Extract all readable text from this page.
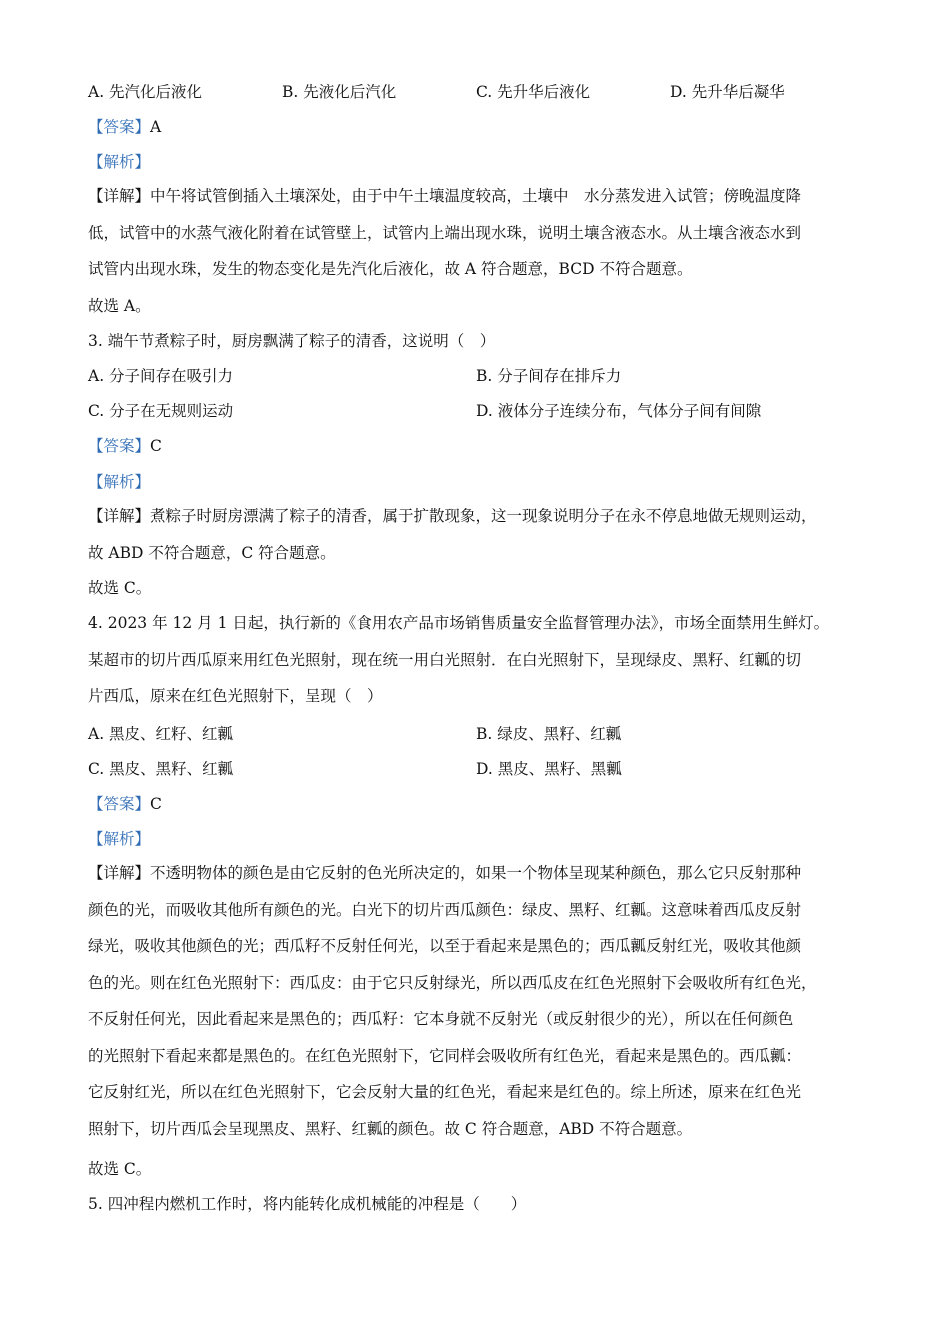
A. 先汽化后液化	B. 先液化后汽化	C. 先升华后液化	D. 先升华后凝华
【答案】A
【解析】
【详解】中午将试管倒插入土壤深处，由于中午土壤温度较高，土壤中　水分蒸发进入试管；傍晚温度降
低，试管中的水蒸气液化附着在试管壁上，试管内上端出现水珠，说明土壤含液态水。从土壤含液态水到
试管内出现水珠，发生的物态变化是先汽化后液化，故 A 符合题意，BCD 不符合题意。
故选 A。
3. 端午节煮粽子时，厨房飘满了粽子的清香，这说明（　）
A. 分子间存在吸引力	B. 分子间存在排斥力
C. 分子在无规则运动	D. 液体分子连续分布，气体分子间有间隙
【答案】C
【解析】
【详解】煮粽子时厨房漂满了粽子的清香，属于扩散现象，这一现象说明分子在永不停息地做无规则运动，
故 ABD 不符合题意，C 符合题意。
故选 C。
4. 2023 年 12 月 1 日起，执行新的《食用农产品市场销售质量安全监督管理办法》，市场全面禁用生鲜灯。
某超市的切片西瓜原来用红色光照射，现在统一用白光照射．在白光照射下，呈现绿皮、黑籽、红瓤的切
片西瓜，原来在红色光照射下，呈现（　）
A. 黑皮、红籽、红瓤	B. 绿皮、黑籽、红瓤
C. 黑皮、黑籽、红瓤	D. 黑皮、黑籽、黑瓤
【答案】C
【解析】
【详解】不透明物体的颜色是由它反射的色光所决定的，如果一个物体呈现某种颜色，那么它只反射那种
颜色的光，而吸收其他所有颜色的光。白光下的切片西瓜颜色：绿皮、黑籽、红瓤。这意味着西瓜皮反射
绿光，吸收其他颜色的光；西瓜籽不反射任何光，以至于看起来是黑色的；西瓜瓤反射红光，吸收其他颜
色的光。则在红色光照射下：西瓜皮：由于它只反射绿光，所以西瓜皮在红色光照射下会吸收所有红色光，
不反射任何光，因此看起来是黑色的；西瓜籽：它本身就不反射光（或反射很少的光），所以在任何颜色
的光照射下看起来都是黑色的。在红色光照射下，它同样会吸收所有红色光，看起来是黑色的。西瓜瓤：
它反射红光，所以在红色光照射下，它会反射大量的红色光，看起来是红色的。综上所述，原来在红色光
照射下，切片西瓜会呈现黑皮、黑籽、红瓤的颜色。故 C 符合题意，ABD 不符合题意。
故选 C。
5. 四冲程内燃机工作时，将内能转化成机械能的冲程是（　　）
